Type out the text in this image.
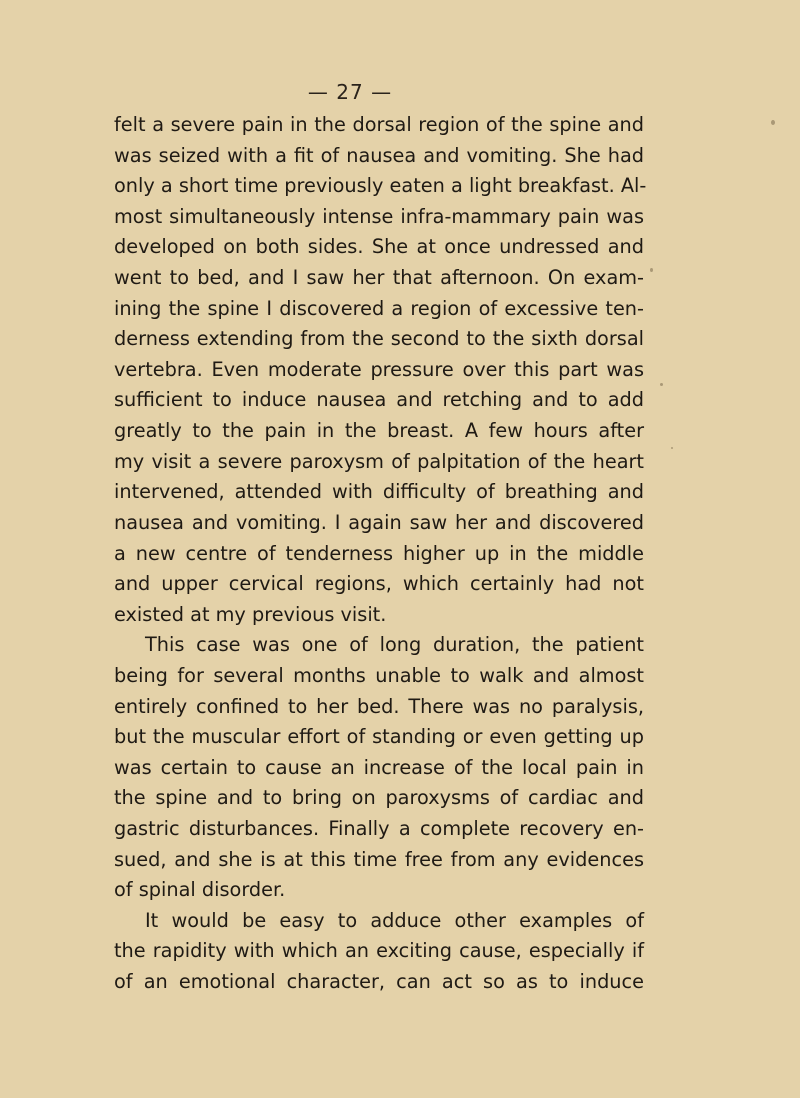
— 27 —
felt a severe pain in the dorsal region of the spine and
was seized with a fit of nausea and vomiting. She had
only a short time previously eaten a light breakfast. Al-
most simultaneously intense infra-mammary pain was
developed on both sides. She at once undressed and
went to bed, and I saw her that afternoon. On exam-
ining the spine I discovered a region of excessive ten-
derness extending from the second to the sixth dorsal
vertebra. Even moderate pressure over this part was
sufficient to induce nausea and retching and to add
greatly to the pain in the breast. A few hours after
my visit a severe paroxysm of palpitation of the heart
intervened, attended with difficulty of breathing and
nausea and vomiting. I again saw her and discovered
a new centre of tenderness higher up in the middle
and upper cervical regions, which certainly had not
existed at my previous visit.
This case was one of long duration, the patient
being for several months unable to walk and almost
entirely confined to her bed. There was no paralysis,
but the muscular effort of standing or even getting up
was certain to cause an increase of the local pain in
the spine and to bring on paroxysms of cardiac and
gastric disturbances. Finally a complete recovery en-
sued, and she is at this time free from any evidences
of spinal disorder.
It would be easy to adduce other examples of
the rapidity with which an exciting cause, especially if
of an emotional character, can act so as to induce
